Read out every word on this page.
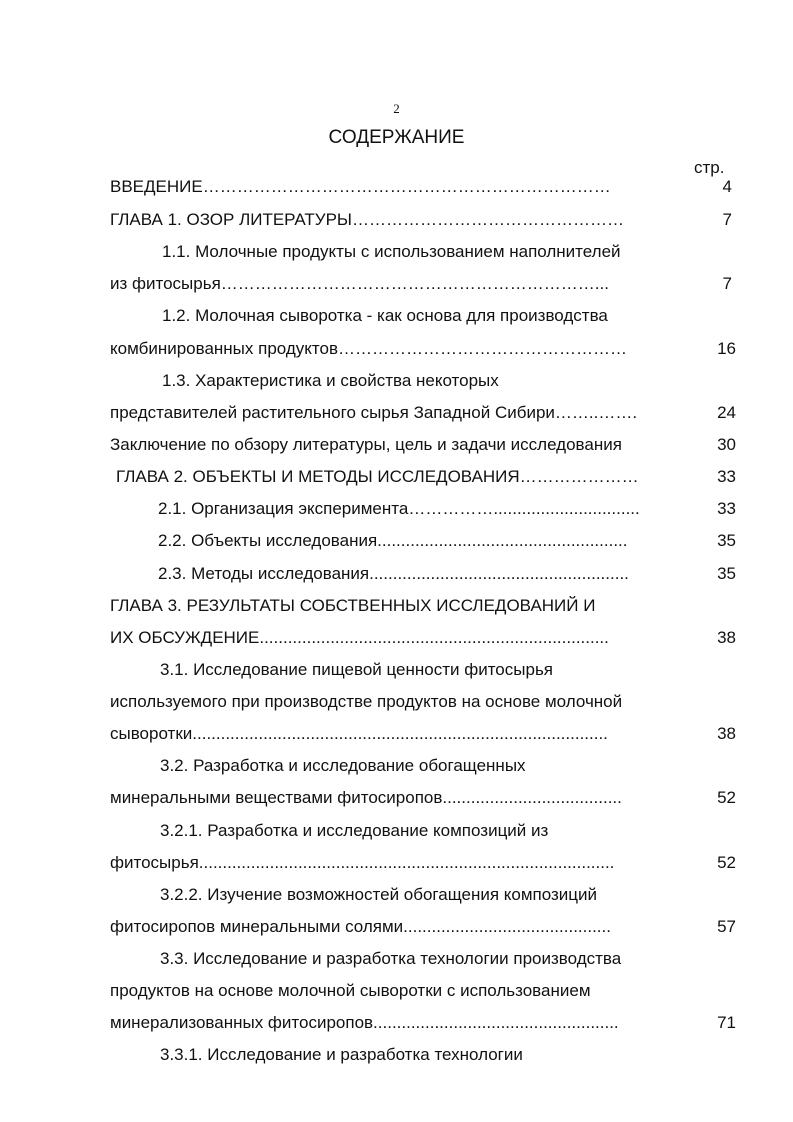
2
СОДЕРЖАНИЕ
стр.
ВВЕДЕНИЕ………………………………………………………………	4
ГЛАВА 1. ОЗОР ЛИТЕРАТУРЫ…………………………………………	7
1.1. Молочные продукты с использованием наполнителей
из фитосырья…………………………………………………………...	7
1.2. Молочная сыворотка - как основа для производства
комбинированных продуктов……………………………………………	16
1.3. Характеристика и свойства некоторых
представителей растительного сырья Западной Сибири……..…….	24
Заключение по обзору литературы, цель и задачи исследования	30
ГЛАВА 2. ОБЪЕКТЫ И МЕТОДЫ ИССЛЕДОВАНИЯ…………………	33
2.1. Организация эксперимента……………...............................	33
2.2. Объекты исследования.....................................................	35
2.3. Методы исследования.......................................................	35
ГЛАВА 3. РЕЗУЛЬТАТЫ СОБСТВЕННЫХ ИССЛЕДОВАНИЙ И
ИХ ОБСУЖДЕНИЕ..........................................................................	38
3.1. Исследование пищевой ценности фитосырья
используемого при производстве продуктов на основе молочной
сыворотки........................................................................................	38
3.2. Разработка и исследование обогащенных
минеральными веществами фитосиропов......................................	52
3.2.1. Разработка и исследование композиций из
фитосырья........................................................................................	52
3.2.2. Изучение возможностей обогащения композиций
фитосиропов минеральными солями............................................	57
3.3. Исследование и разработка технологии производства
продуктов на основе молочной сыворотки с использованием
минерализованных фитосиропов....................................................	71
3.3.1. Исследование и разработка технологии
